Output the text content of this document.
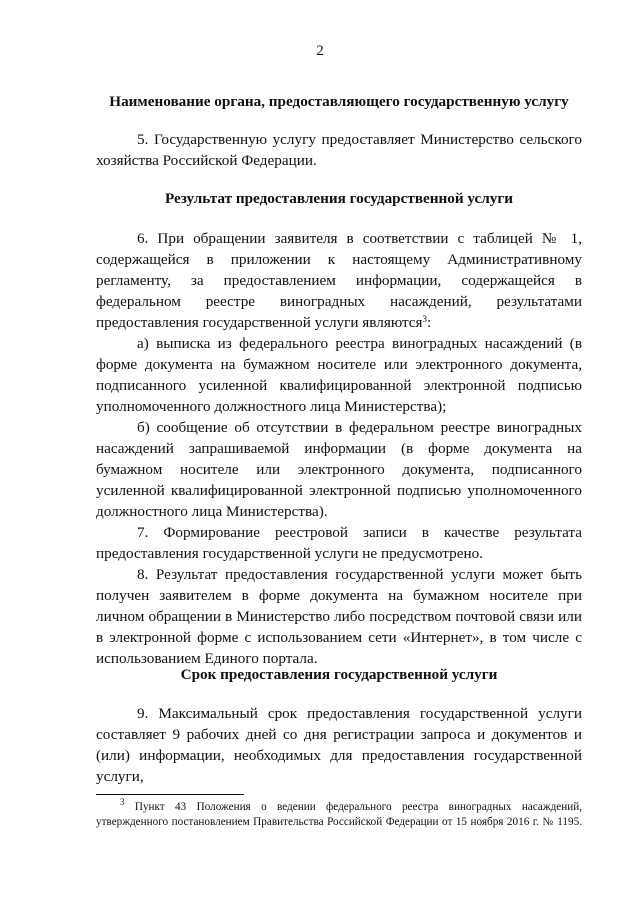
2
Наименование органа, предоставляющего государственную услугу

5. Государственную услугу предоставляет Министерство сельского хозяйства Российской Федерации.

Результат предоставления государственной услуги

6. При обращении заявителя в соответствии с таблицей № 1, содержащейся в приложении к настоящему Административному регламенту, за предоставлением информации, содержащейся в федеральном реестре виноградных насаждений, результатами предоставления государственной услуги являются$^3$:

а) выписка из федерального реестра виноградных насаждений (в форме документа на бумажном носителе или электронного документа, подписанного усиленной квалифицированной электронной подписью уполномоченного должностного лица Министерства);

б) сообщение об отсутствии в федеральном реестре виноградных насаждений запрашиваемой информации (в форме документа на бумажном носителе или электронного документа, подписанного усиленной квалифицированной электронной подписью уполномоченного должностного лица Министерства).

7. Формирование реестровой записи в качестве результата предоставления государственной услуги не предусмотрено.

8. Результат предоставления государственной услуги может быть получен заявителем в форме документа на бумажном носителе при личном обращении в Министерство либо посредством почтовой связи или в электронной форме с использованием сети «Интернет», в том числе с использованием Единого портала.

Срок предоставления государственной услуги

9. Максимальный срок предоставления государственной услуги составляет 9 рабочих дней со дня регистрации запроса и документов и (или) информации, необходимых для предоставления государственной услуги,

$^3$ Пункт 43 Положения о ведении федерального реестра виноградных насаждений, утвержденного постановлением Правительства Российской Федерации от 15 ноября 2016 г. № 1195.
